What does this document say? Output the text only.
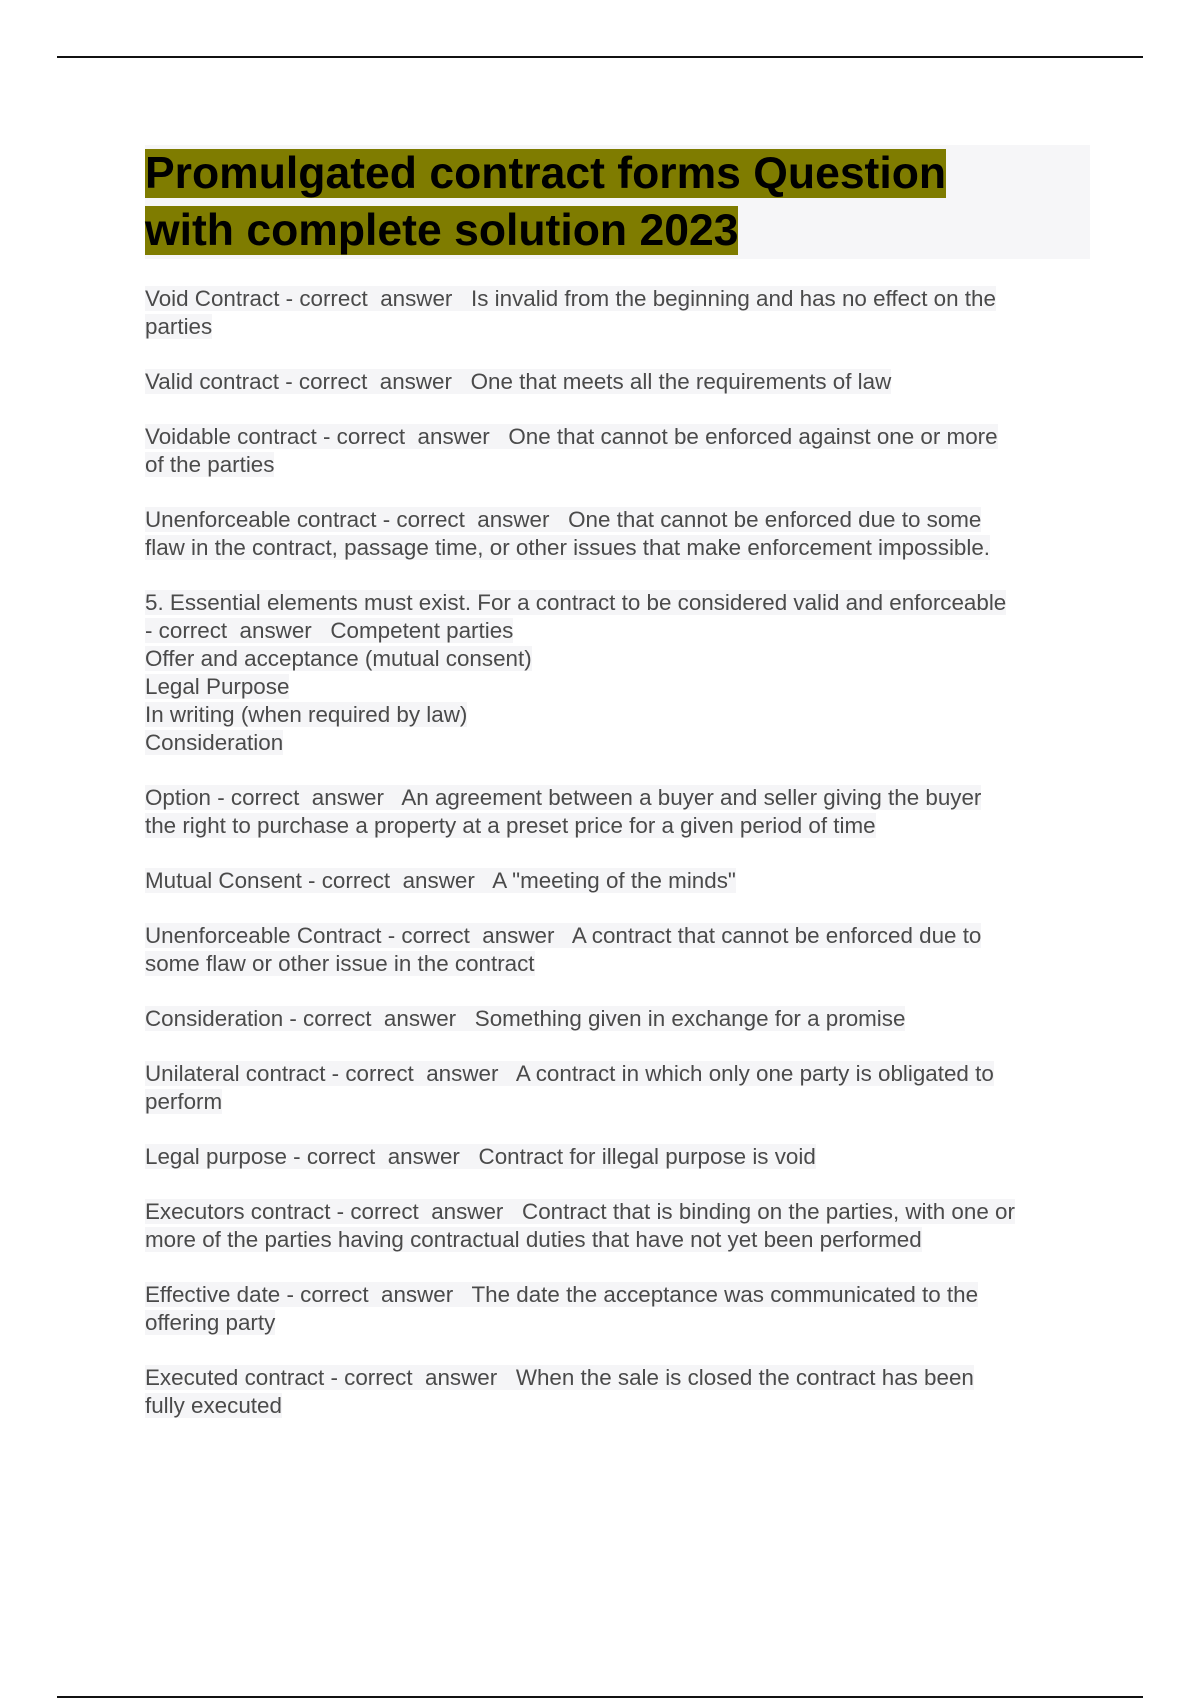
Promulgated contract forms Question
with complete solution 2023
Void Contract - correct  answer   Is invalid from the beginning and has no effect on the
parties
Valid contract - correct  answer   One that meets all the requirements of law
Voidable contract - correct  answer   One that cannot be enforced against one or more
of the parties
Unenforceable contract - correct  answer   One that cannot be enforced due to some
flaw in the contract, passage time, or other issues that make enforcement impossible.
5. Essential elements must exist. For a contract to be considered valid and enforceable
- correct  answer   Competent parties
Offer and acceptance (mutual consent)
Legal Purpose
In writing (when required by law)
Consideration
Option - correct  answer   An agreement between a buyer and seller giving the buyer
the right to purchase a property at a preset price for a given period of time
Mutual Consent - correct  answer   A "meeting of the minds"
Unenforceable Contract - correct  answer   A contract that cannot be enforced due to
some flaw or other issue in the contract
Consideration - correct  answer   Something given in exchange for a promise
Unilateral contract - correct  answer   A contract in which only one party is obligated to
perform
Legal purpose - correct  answer   Contract for illegal purpose is void
Executors contract - correct  answer   Contract that is binding on the parties, with one or
more of the parties having contractual duties that have not yet been performed
Effective date - correct  answer   The date the acceptance was communicated to the
offering party
Executed contract - correct  answer   When the sale is closed the contract has been
fully executed
